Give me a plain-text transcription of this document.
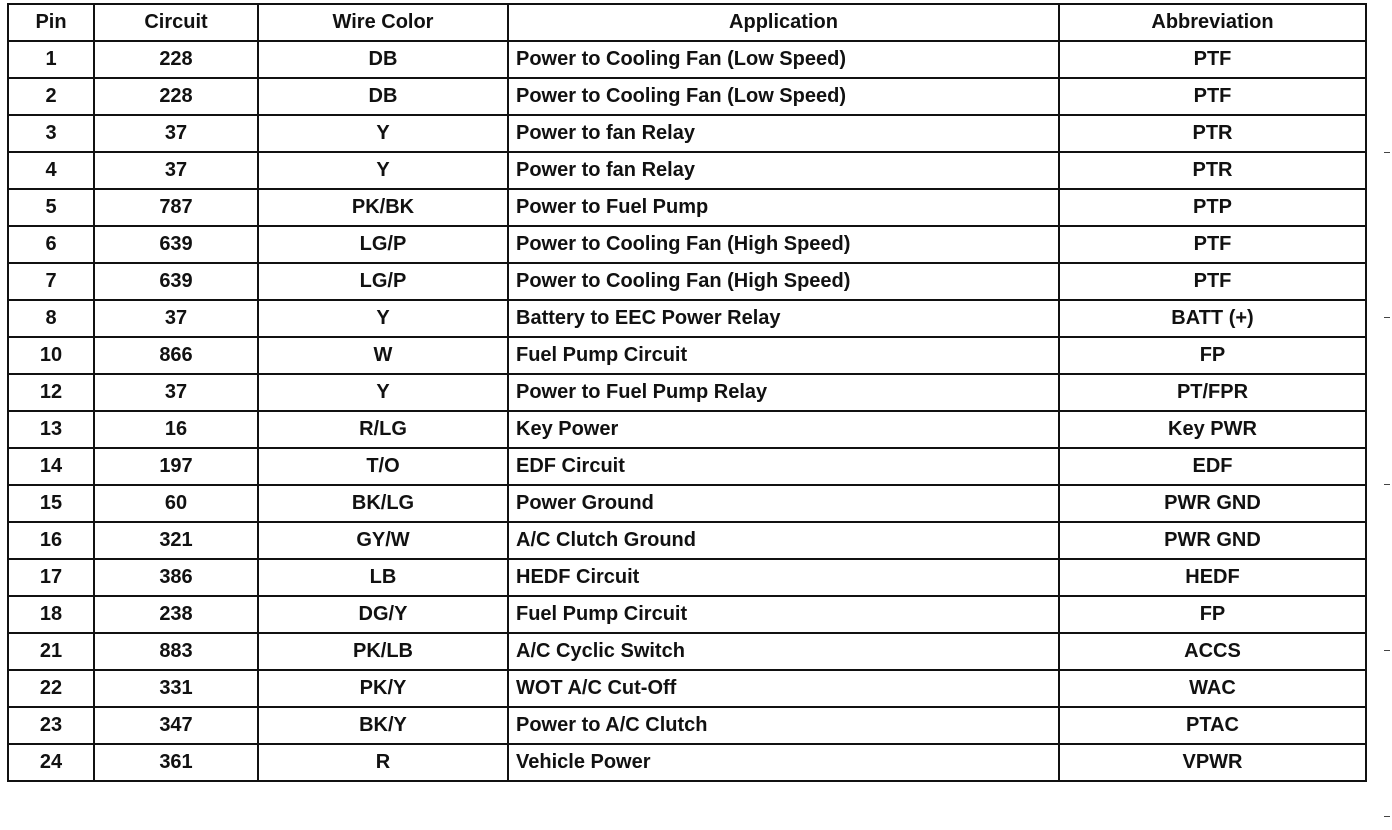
Pin	Circuit	Wire Color	Application	Abbreviation
1	228	DB	Power to Cooling Fan (Low Speed)	PTF
2	228	DB	Power to Cooling Fan (Low Speed)	PTF
3	37	Y	Power to fan Relay	PTR
4	37	Y	Power to fan Relay	PTR
5	787	PK/BK	Power to Fuel Pump	PTP
6	639	LG/P	Power to Cooling Fan (High Speed)	PTF
7	639	LG/P	Power to Cooling Fan (High Speed)	PTF
8	37	Y	Battery to EEC Power Relay	BATT (+)
10	866	W	Fuel Pump Circuit	FP
12	37	Y	Power to Fuel Pump Relay	PT/FPR
13	16	R/LG	Key Power	Key PWR
14	197	T/O	EDF Circuit	EDF
15	60	BK/LG	Power Ground	PWR GND
16	321	GY/W	A/C Clutch Ground	PWR GND
17	386	LB	HEDF Circuit	HEDF
18	238	DG/Y	Fuel Pump Circuit	FP
21	883	PK/LB	A/C Cyclic Switch	ACCS
22	331	PK/Y	WOT A/C Cut-Off	WAC
23	347	BK/Y	Power to A/C Clutch	PTAC
24	361	R	Vehicle Power	VPWR
